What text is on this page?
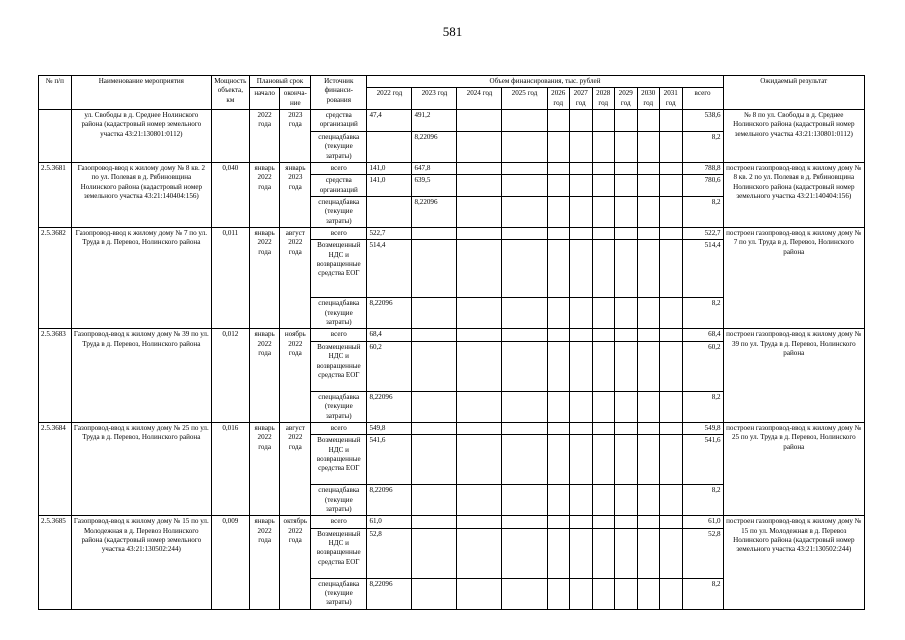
581
№ п/п	Наименование мероприятия	Мощность объекта, км	Плановый срок		Источник финанси-рования	Объем финансирования, тыс. рублей											Ожидаемый результат
			начало	оконча-ние		2022 год	2023 год	2024 год	2025 год	2026 год	2027 год	2028 год	2029 год	2030 год	2031 год	всего	
	ул. Свободы в д. Среднее Нолинского района (кадастровый номер земельного участка 43:21:130801:0112)		2022 года	2023 года	средства организаций	47,4	491,2									538,6	№ 8 по ул. Свободы в д. Среднее Нолинского района (кадастровый номер земельного участка 43:21:130801:0112)
					спецнадбавка (текущие затраты)		8,22096									8,2	
2.5.3681	Газопровод-ввод к жилому дому № 8 кв. 2 по ул. Полевая в д. Рябиновщина Нолинского района (кадастровый номер земельного участка 43:21:140404:156)	0,040	январь 2022 года	январь 2023 года	всего	141,0	647,8									788,8	построен газопровод-ввод к жилому дому № 8 кв. 2 по ул. Полевая в д. Рябиновщина Нолинского района (кадастровый номер земельного участка 43:21:140404:156)
					средства организаций	141,0	639,5									780,6	
					спецнадбавка (текущие затраты)		8,22096									8,2	
2.5.3682	Газопровод-ввод к жилому дому № 7 по ул. Труда в д. Перевоз, Нолинского района	0,011	январь 2022 года	август 2022 года	всего	522,7										522,7	построен газопровод-ввод к жилому дому № 7 по ул. Труда в д. Перевоз, Нолинского района
					Возмещенный НДС и возвращенные средства ЕОГ	514,4										514,4	
					спецнадбавка (текущие затраты)	8,22096										8,2	
2.5.3683	Газопровод-ввод к жилому дому № 39 по ул. Труда в д. Перевоз, Нолинского района	0,012	январь 2022 года	ноябрь 2022 года	всего	68,4										68,4	построен газопровод-ввод к жилому дому № 39 по ул. Труда в д. Перевоз, Нолинского района
					Возмещенный НДС и возвращенные средства ЕОГ	60,2										60,2	
					спецнадбавка (текущие затраты)	8,22096										8,2	
2.5.3684	Газопровод-ввод к жилому дому № 25 по ул. Труда в д. Перевоз, Нолинского района	0,016	январь 2022 года	август 2022 года	всего	549,8										549,8	построен газопровод-ввод к жилому дому № 25 по ул. Труда в д. Перевоз, Нолинского района
					Возмещенный НДС и возвращенные средства ЕОГ	541,6										541,6	
					спецнадбавка (текущие затраты)	8,22096										8,2	
2.5.3685	Газопровод-ввод к жилому дому № 15 по ул. Молодежная в д. Перевоз Нолинского района (кадастровый номер земельного участка 43:21:130502:244)	0,009	январь 2022 года	октябрь 2022 года	всего	61,0										61,0	построен газопровод-ввод к жилому дому № 15 по ул. Молодежная в д. Перевоз Нолинского района (кадастровый номер земельного участка 43:21:130502:244)
					Возмещенный НДС и возвращенные средства ЕОГ	52,8										52,8	
					спецнадбавка (текущие затраты)	8,22096										8,2	
